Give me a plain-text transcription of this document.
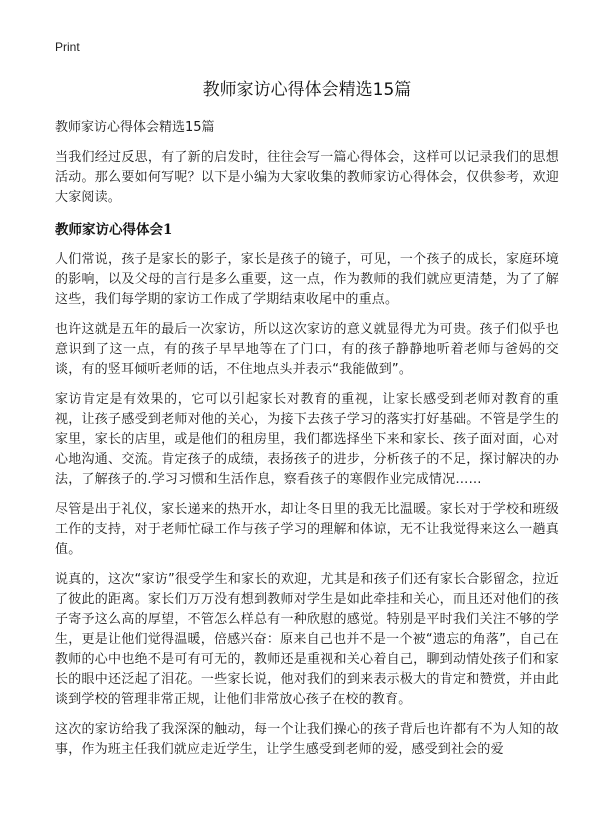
Print
教师家访心得体会精选15篇
教师家访心得体会精选15篇

当我们经过反思，有了新的启发时，往往会写一篇心得体会，这样可以记录我们的思想活动。那么要如何写呢？以下是小编为大家收集的教师家访心得体会，仅供参考，欢迎大家阅读。

教师家访心得体会1

人们常说，孩子是家长的影子，家长是孩子的镜子，可见，一个孩子的成长，家庭环境的影响，以及父母的言行是多么重要，这一点，作为教师的我们就应更清楚，为了了解这些，我们每学期的家访工作成了学期结束收尾中的重点。

也许这就是五年的最后一次家访，所以这次家访的意义就显得尤为可贵。孩子们似乎也意识到了这一点，有的孩子早早地等在了门口，有的孩子静静地听着老师与爸妈的交谈，有的竖耳倾听老师的话，不住地点头并表示“我能做到”。

家访肯定是有效果的，它可以引起家长对教育的重视，让家长感受到老师对教育的重视，让孩子感受到老师对他的关心，为接下去孩子学习的落实打好基础。不管是学生的家里，家长的店里，或是他们的租房里，我们都选择坐下来和家长、孩子面对面，心对心地沟通、交流。肯定孩子的成绩，表扬孩子的进步，分析孩子的不足，探讨解决的办法，了解孩子的.学习习惯和生活作息，察看孩子的寒假作业完成情况……

尽管是出于礼仪，家长递来的热开水，却让冬日里的我无比温暖。家长对于学校和班级工作的支持，对于老师忙碌工作与孩子学习的理解和体谅，无不让我觉得来这么一趟真值。

说真的，这次“家访”很受学生和家长的欢迎，尤其是和孩子们还有家长合影留念，拉近了彼此的距离。家长们万万没有想到教师对学生是如此牵挂和关心，而且还对他们的孩子寄予这么高的厚望，不管怎么样总有一种欣慰的感觉。特别是平时我们关注不够的学生，更是让他们觉得温暖，倍感兴奋：原来自己也并不是一个被“遗忘的角落”，自己在教师的心中也绝不是可有可无的，教师还是重视和关心着自己，聊到动情处孩子们和家长的眼中还泛起了泪花。一些家长说，他对我们的到来表示极大的肯定和赞赏，并由此谈到学校的管理非常正规，让他们非常放心孩子在校的教育。

这次的家访给我了我深深的触动，每一个让我们操心的孩子背后也许都有不为人知的故事，作为班主任我们就应走近学生，让学生感受到老师的爱，感受到社会的爱
